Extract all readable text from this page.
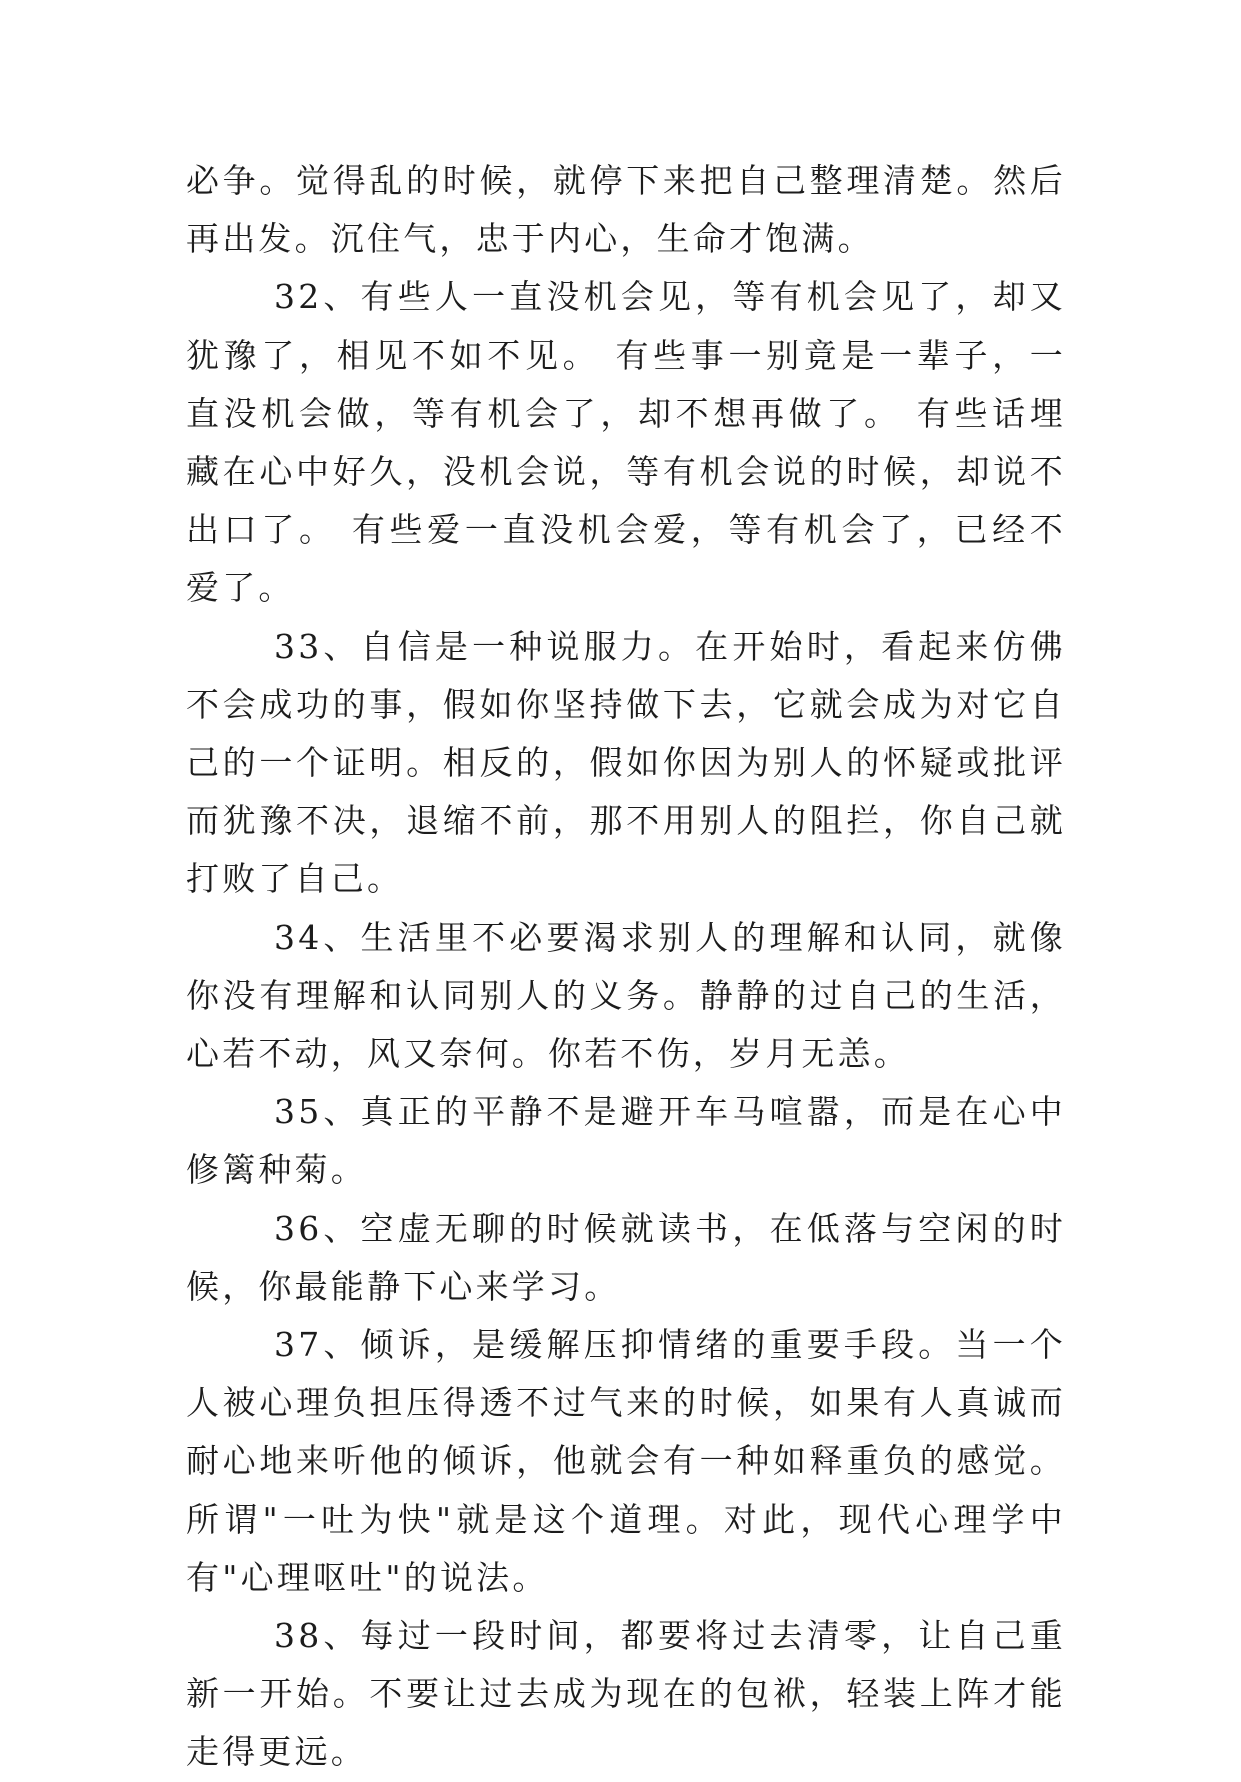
必争。觉得乱的时候，就停下来把自己整理清楚。然后再出发。沉住气，忠于内心，生命才饱满。

32、有些人一直没机会见，等有机会见了，却又犹豫了，相见不如不见。 有些事一别竟是一辈子，一直没机会做，等有机会了，却不想再做了。 有些话埋藏在心中好久，没机会说，等有机会说的时候，却说不出口了。 有些爱一直没机会爱，等有机会了，已经不爱了。

33、自信是一种说服力。在开始时，看起来仿佛不会成功的事，假如你坚持做下去，它就会成为对它自己的一个证明。相反的，假如你因为别人的怀疑或批评而犹豫不决，退缩不前，那不用别人的阻拦，你自己就打败了自己。

34、生活里不必要渴求别人的理解和认同，就像你没有理解和认同别人的义务。静静的过自己的生活，心若不动，风又奈何。你若不伤，岁月无恙。

35、真正的平静不是避开车马喧嚣，而是在心中修篱种菊。

36、空虚无聊的时候就读书，在低落与空闲的时候，你最能静下心来学习。

37、倾诉，是缓解压抑情绪的重要手段。当一个人被心理负担压得透不过气来的时候，如果有人真诚而耐心地来听他的倾诉，他就会有一种如释重负的感觉。所谓"一吐为快"就是这个道理。对此，现代心理学中有"心理呕吐"的说法。

38、每过一段时间，都要将过去清零，让自己重新一开始。不要让过去成为现在的包袱，轻装上阵才能走得更远。
